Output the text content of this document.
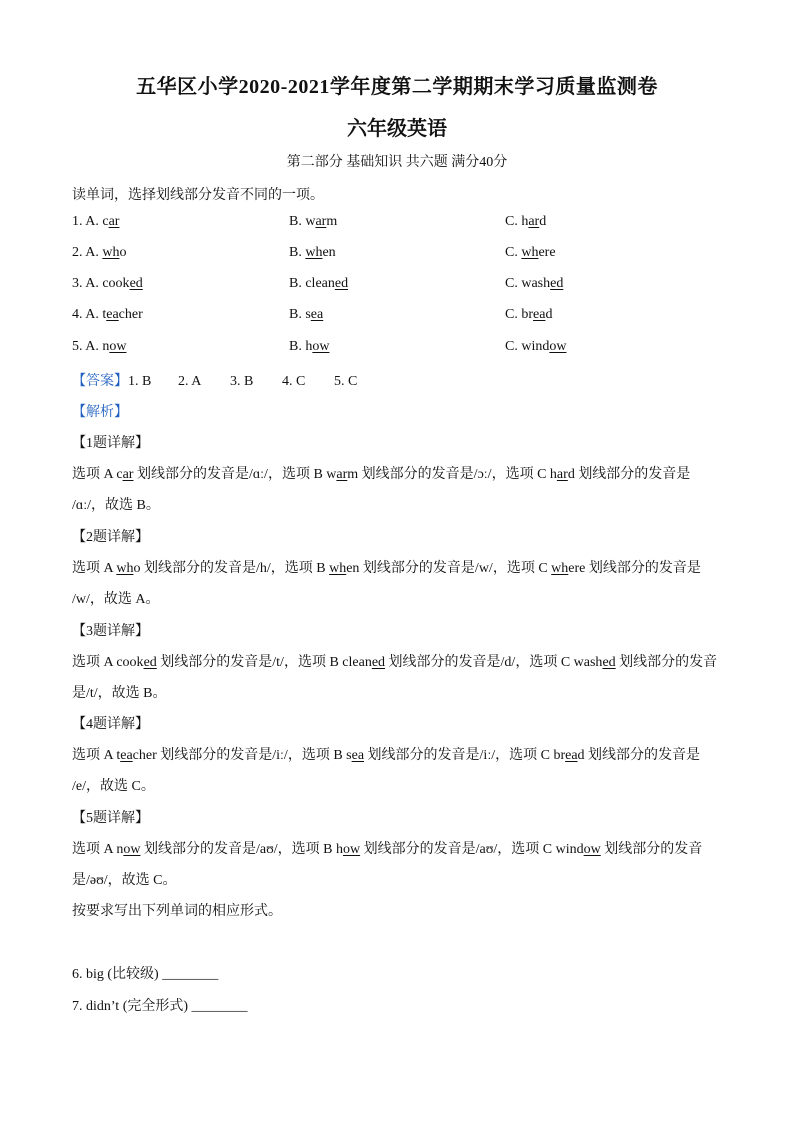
五华区小学2020-2021学年度第二学期期末学习质量监测卷
六年级英语
第二部分 基础知识 共六题 满分40分
读单词，选择划线部分发音不同的一项。
1. A. car	B. warm	C. hard
2. A. who	B. when	C. where
3. A. cooked	B. cleaned	C. washed
4. A. teacher	B. sea	C. bread
5. A. now	B. how	C. window
【答案】1. B 2. A 3. B 4. C 5. C
【解析】
【1题详解】
选项 A car 划线部分的发音是/ɑː/，选项 B warm 划线部分的发音是/ɔː/，选项 C hard 划线部分的发音是
/ɑː/，故选 B。
【2题详解】
选项 A who 划线部分的发音是/h/，选项 B when 划线部分的发音是/w/，选项 C where 划线部分的发音是
/w/，故选 A。
【3题详解】
选项 A cooked 划线部分的发音是/t/，选项 B cleaned 划线部分的发音是/d/，选项 C washed 划线部分的发音
是/t/，故选 B。
【4题详解】
选项 A teacher 划线部分的发音是/iː/，选项 B sea 划线部分的发音是/iː/，选项 C bread 划线部分的发音是
/e/，故选 C。
【5题详解】
选项 A now 划线部分的发音是/aʊ/，选项 B how 划线部分的发音是/aʊ/，选项 C window 划线部分的发音
是/əʊ/，故选 C。
按要求写出下列单词的相应形式。
6. big (比较级) ________
7. didn’t (完全形式) ________
